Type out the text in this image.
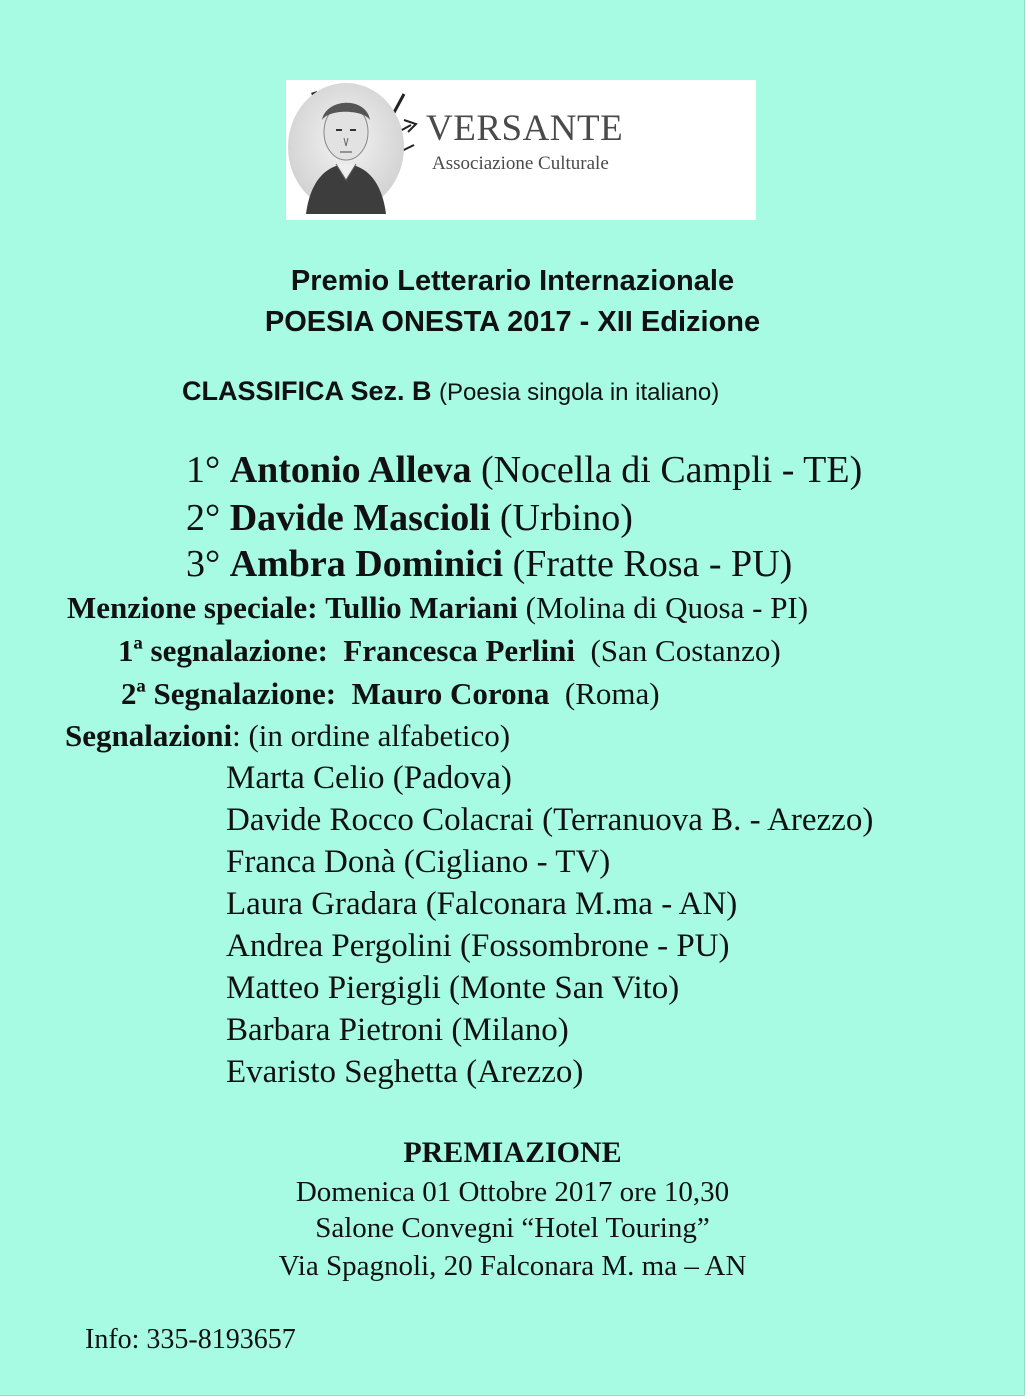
VERSANTE
Associazione Culturale
Premio Letterario Internazionale
POESIA ONESTA 2017 - XII Edizione
CLASSIFICA Sez. B (Poesia singola in italiano)
1° Antonio Alleva (Nocella di Campli - TE)
2° Davide Mascioli (Urbino)
3° Ambra Dominici (Fratte Rosa - PU)
Menzione speciale: Tullio Mariani (Molina di Quosa - PI)
1ª segnalazione: Francesca Perlini (San Costanzo)
2ª Segnalazione: Mauro Corona (Roma)
Segnalazioni: (in ordine alfabetico)
Marta Celio (Padova)
Davide Rocco Colacrai (Terranuova B. - Arezzo)
Franca Donà (Cigliano - TV)
Laura Gradara (Falconara M.ma - AN)
Andrea Pergolini (Fossombrone - PU)
Matteo Piergigli (Monte San Vito)
Barbara Pietroni (Milano)
Evaristo Seghetta (Arezzo)
PREMIAZIONE
Domenica 01 Ottobre 2017 ore 10,30
Salone Convegni “Hotel Touring”
Via Spagnoli, 20 Falconara M. ma – AN
Info: 335-8193657
